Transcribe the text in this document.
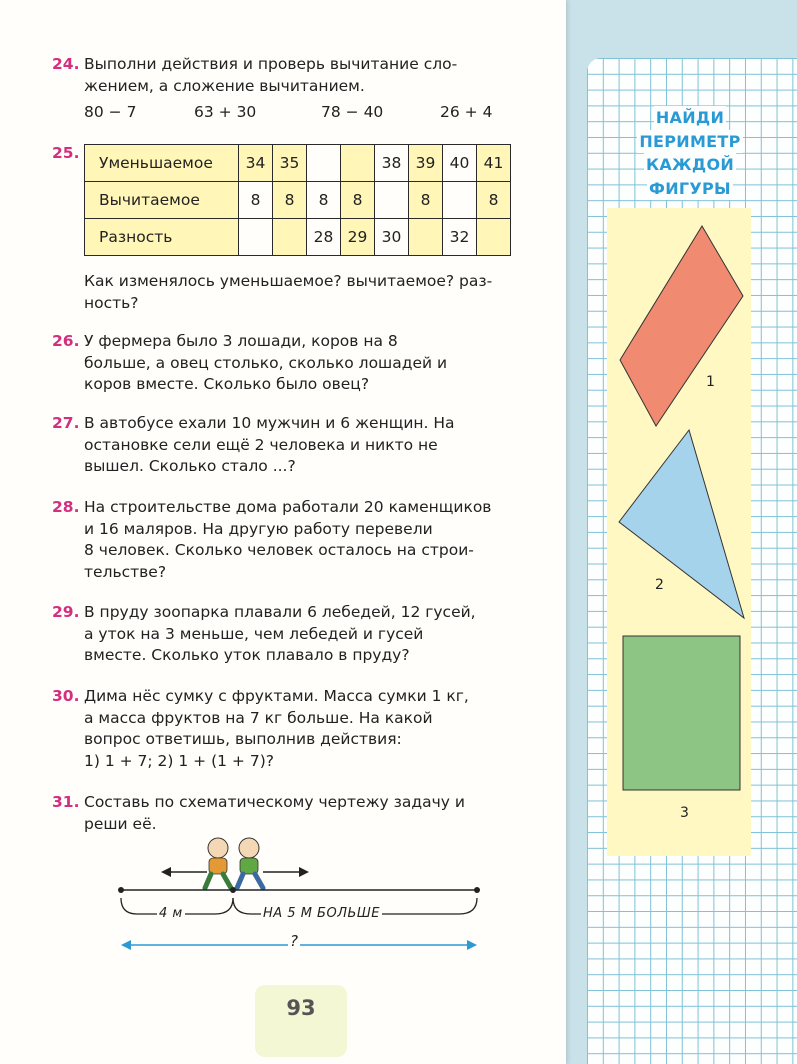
24. Выполни действия и проверь вычитание сло-

жением, а сложение вычитанием.

80 − 7	63 + 30	78 − 40	26 + 4
25.
Уменьшаемое	34	35			38	39	40	41
Вычитаемое	8	8	8	8		8		8
Разность			28	29	30		32	

Как изменялось уменьшаемое? вычитаемое? раз-

ность?

26. У фермера было 3 лошади, коров на 8

больше, а овец столько, сколько лошадей и

коров вместе. Сколько было овец?

27. В автобусе ехали 10 мужчин и 6 женщин. На

остановке сели ещё 2 человека и никто не

вышел. Сколько стало ...?

28. На строительстве дома работали 20 каменщиков

и 16 маляров. На другую работу перевели

8 человек. Сколько человек осталось на строи-

тельстве?

29. В пруду зоопарка плавали 6 лебедей, 12 гусей,

а уток на 3 меньше, чем лебедей и гусей

вместе. Сколько уток плавало в пруду?

30. Дима нёс сумку с фруктами. Масса сумки 1 кг,

а масса фруктов на 7 кг больше. На какой

вопрос ответишь, выполнив действия:

1) 1 + 7; 2) 1 + (1 + 7)?

31. Составь по схематическому чертежу задачу и

реши её.

4 м	НА 5 М БОЛЬШЕ
?
93
НАЙДИ
ПЕРИМЕТР
КАЖДОЙ
ФИГУРЫ
1
2
3
